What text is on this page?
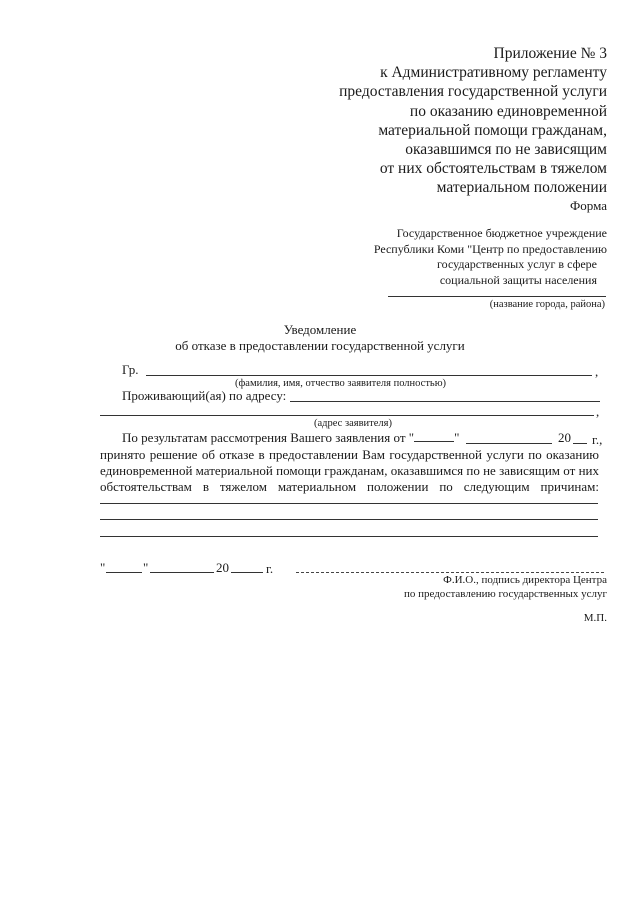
Приложение № 3
к Административному регламенту
предоставления государственной услуги
по оказанию единовременной
материальной помощи гражданам,
оказавшимся по не зависящим
от них обстоятельствам в тяжелом
материальном положении
Форма
Государственное бюджетное учреждение
Республики Коми "Центр по предоставлению
государственных услуг в сфере
социальной защиты населения
(название города, района)
Уведомление
об отказе в предоставлении государственной услуги
Гр.	,
(фамилия, имя, отчество заявителя полностью)
Проживающий(ая) по адресу:
,
(адрес заявителя)
По результатам рассмотрения Вашего заявления от "	"	20 г.,
принято решение об отказе в предоставлении Вам государственной услуги по оказанию
единовременной материальной помощи гражданам, оказавшимся по не зависящим от них
обстоятельствам в тяжелом материальном положении по следующим причинам:
"	"	20	г.
Ф.И.О., подпись директора Центра
по предоставлению государственных услуг
М.П.
